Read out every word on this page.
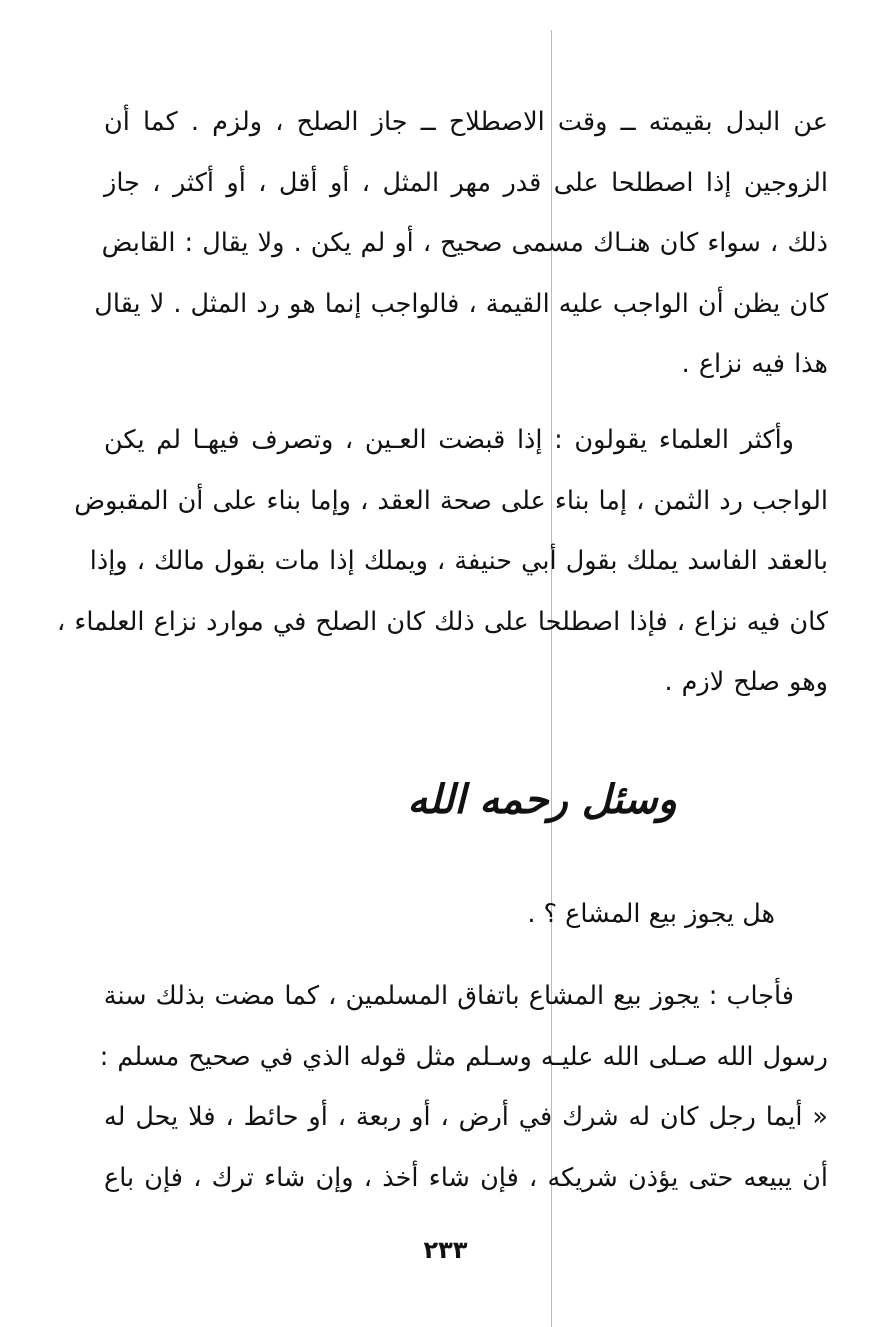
عن البدل بقيمته ــ وقت الاصطلاح ــ جاز الصلح ، ولزم . كما أن
الزوجين إذا اصطلحا على قدر مهر المثل ، أو أقل ، أو أكثر ، جاز
ذلك ، سواء كان هنـاك مسمى صحيح ، أو لم يكن . ولا يقال : القابض
كان يظن أن الواجب عليه القيمة ، فالواجب إنما هو رد المثل . لا يقال
هذا فيه نزاع .
وأكثر العلماء يقولون : إذا قبضت العـين ، وتصرف فيهـا لم يكن
الواجب رد الثمن ، إما بناء على صحة العقد ، وإما بناء على أن المقبوض
بالعقد الفاسد يملك بقول أبي حنيفة ، ويملك إذا مات بقول مالك ، وإذا
كان فيه نزاع ، فإذا اصطلحا على ذلك كان الصلح في موارد نزاع العلماء ،
وهو صلح لازم .
وسئل رحمه الله
هل يجوز بيع المشاع ؟ .
فأجاب : يجوز بيع المشاع باتفاق المسلمين ، كما مضت بذلك سنة
رسول الله صـلى الله عليـه وسـلم مثل قوله الذي في صحيح مسلم :
« أيما رجل كان له شرك في أرض ، أو ربعة ، أو حائط ، فلا يحل له
أن يبيعه حتى يؤذن شريكه ، فإن شاء أخذ ، وإن شاء ترك ، فإن باع
٢٣٣
